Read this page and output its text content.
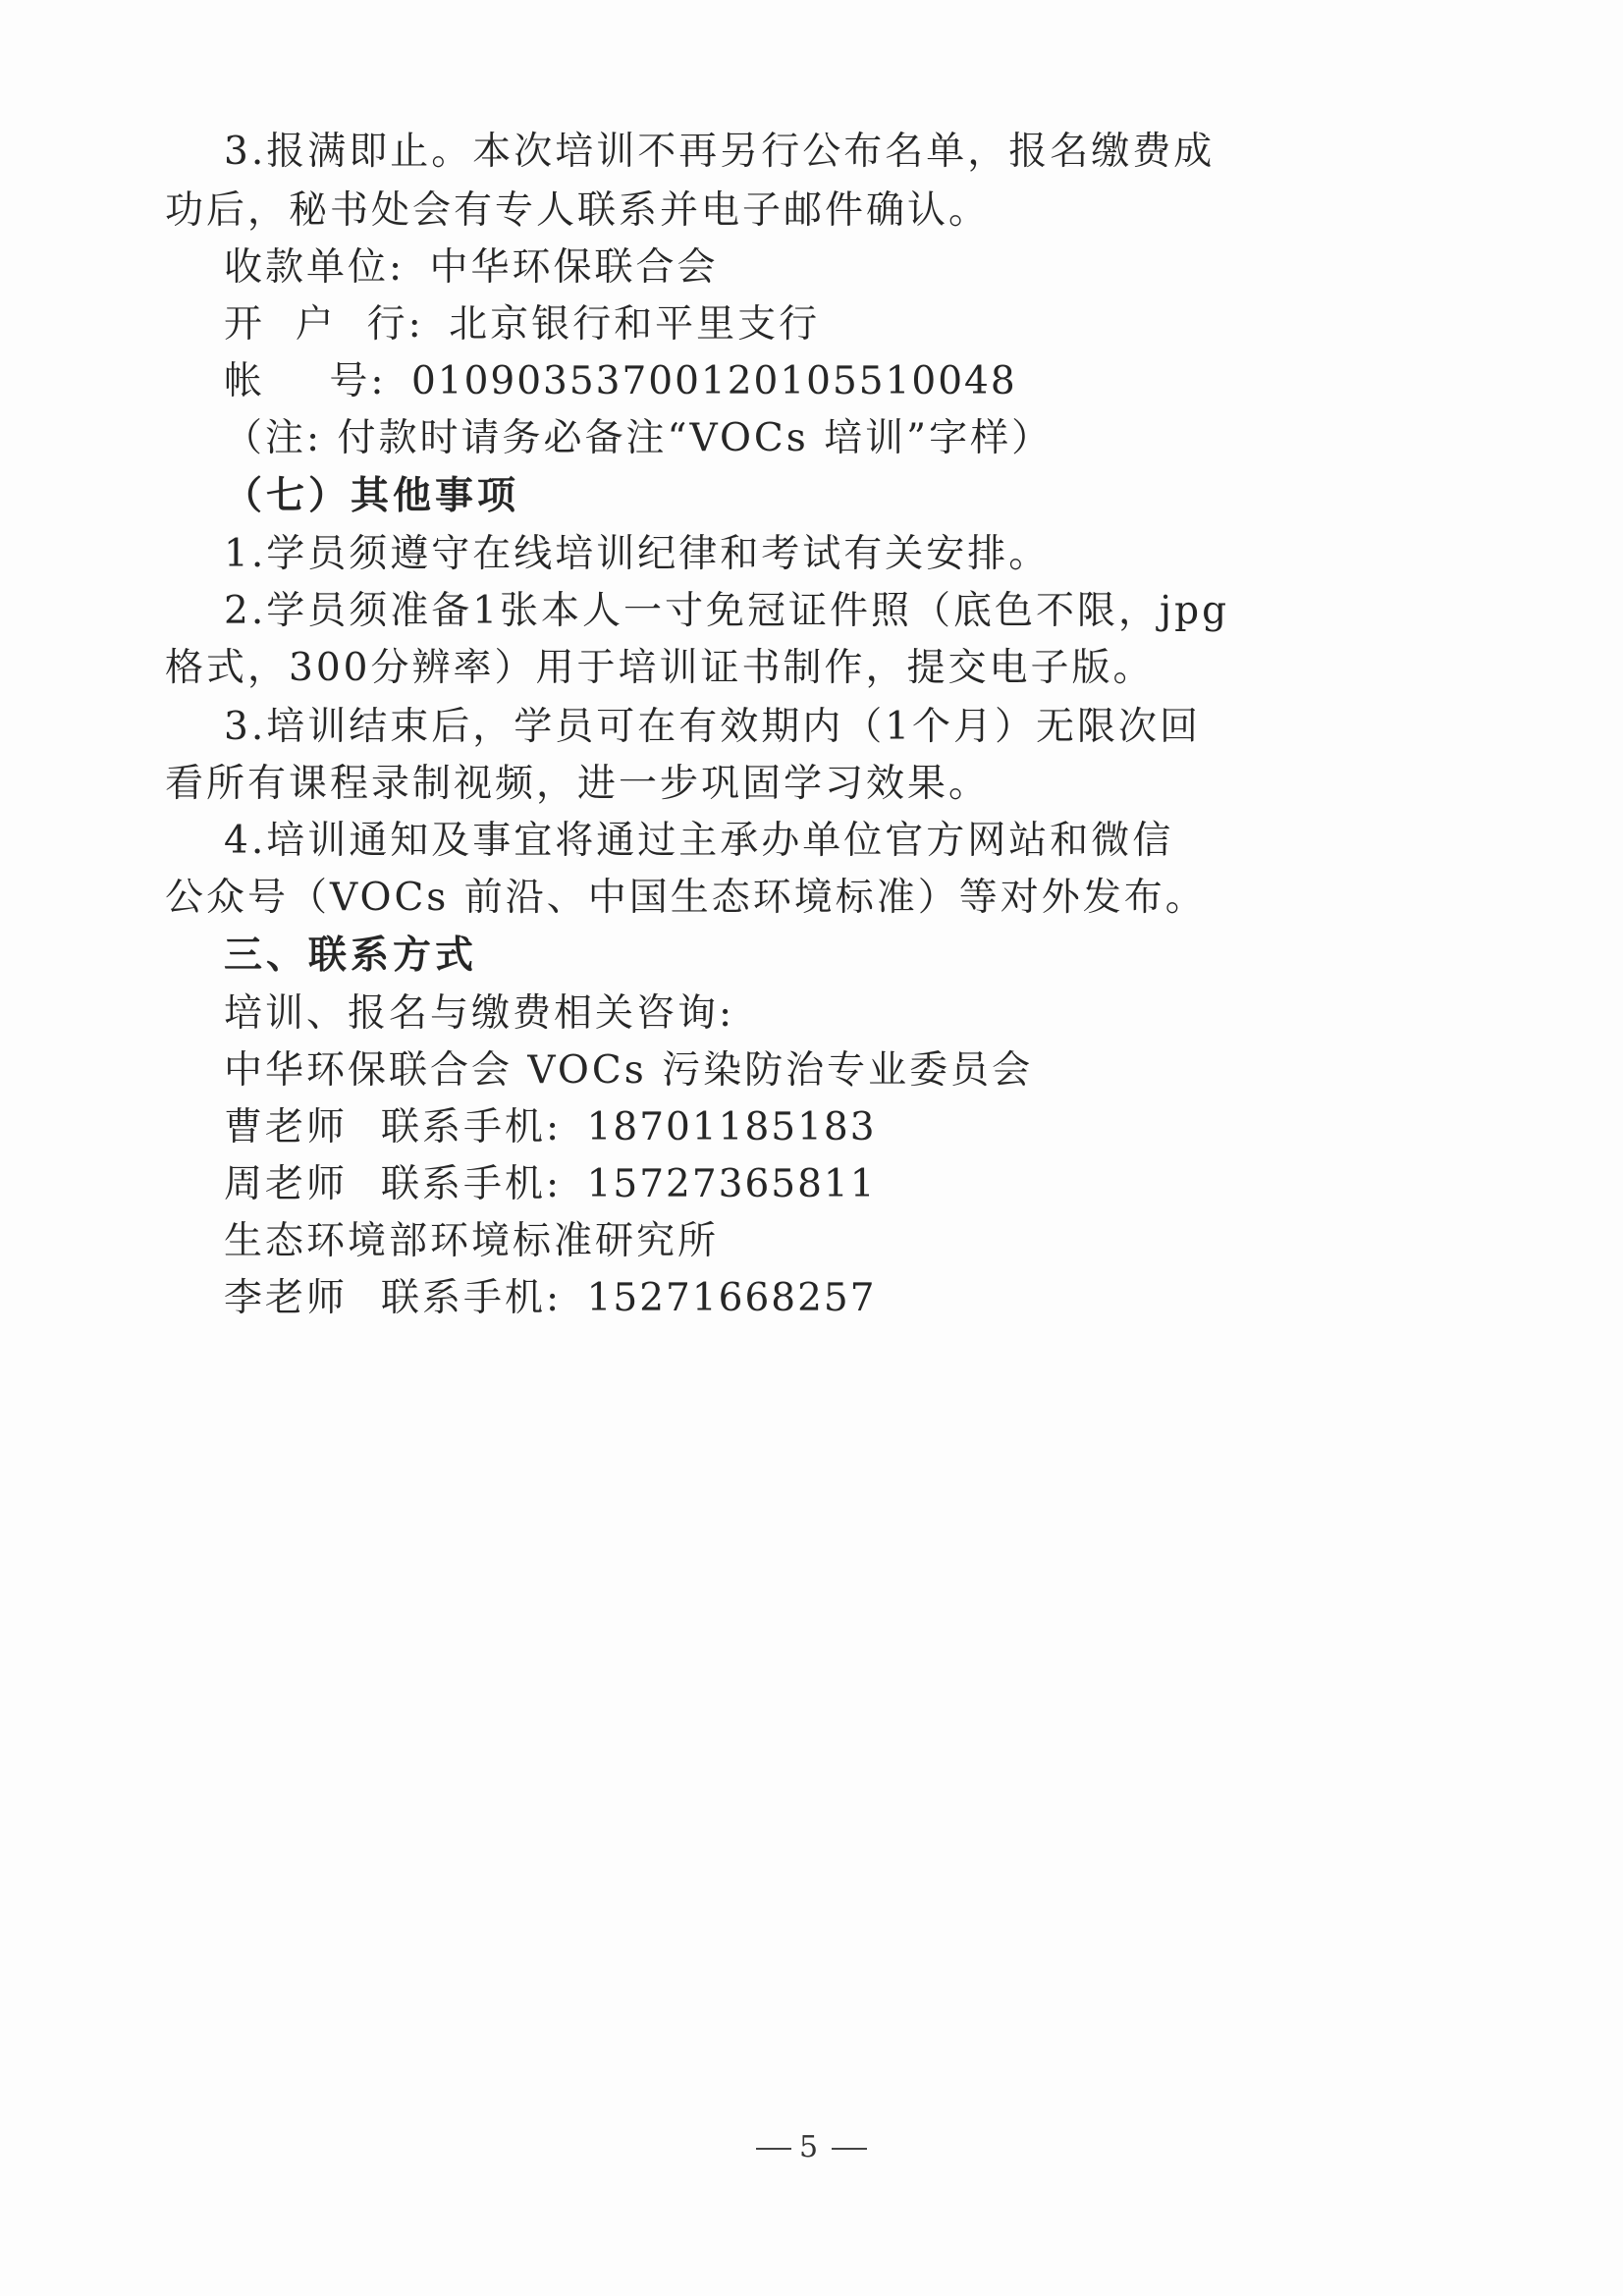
3.报满即止。本次培训不再另行公布名单，报名缴费成
功后，秘书处会有专人联系并电子邮件确认。
收款单位: 中华环保联合会
开  户  行: 北京银行和平里支行
帐 号: 01090353700120105510048
（注: 付款时请务必备注“VOCs 培训”字样）
（七）其他事项
1.学员须遵守在线培训纪律和考试有关安排。
2.学员须准备1张本人一寸免冠证件照（底色不限，jpg
格式，300分辨率）用于培训证书制作，提交电子版。
3.培训结束后，学员可在有效期内（1个月）无限次回
看所有课程录制视频，进一步巩固学习效果。
4.培训通知及事宜将通过主承办单位官方网站和微信
公众号（VOCs 前沿、中国生态环境标准）等对外发布。
三、联系方式
培训、报名与缴费相关咨询:
中华环保联合会 VOCs 污染防治专业委员会
曹老师 联系手机: 18701185183
周老师 联系手机: 15727365811
生态环境部环境标准研究所
李老师 联系手机: 15271668257
5
